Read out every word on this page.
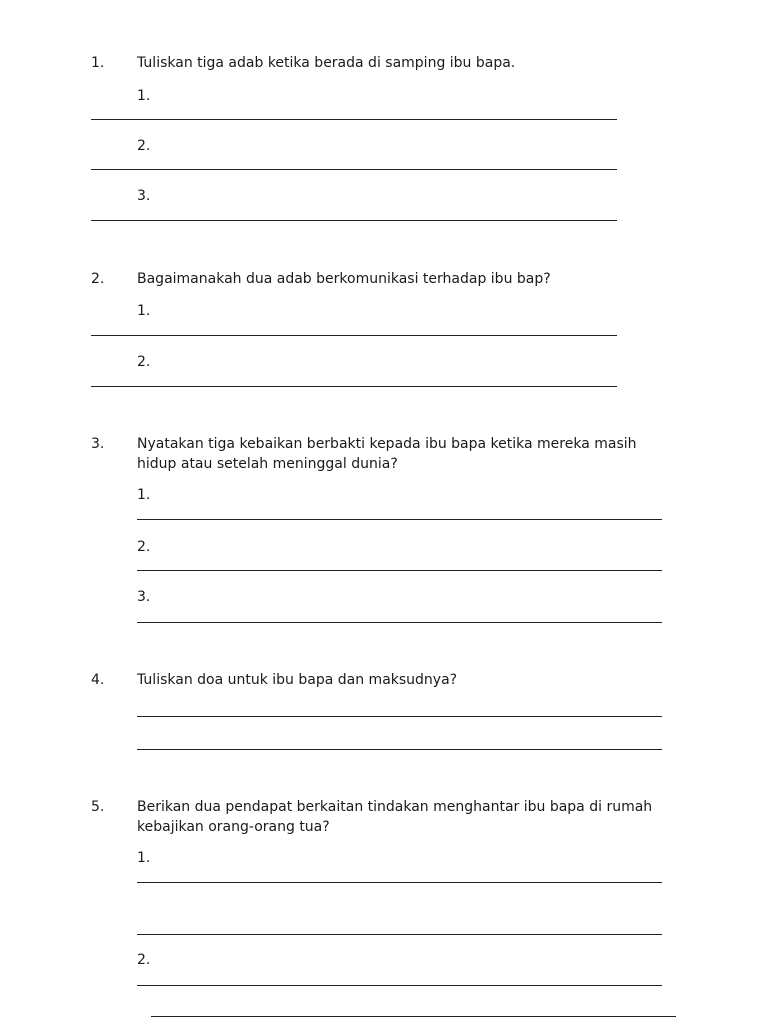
1. Tuliskan tiga adab ketika berada di samping ibu bapa.
1.
2.
3.
2. Bagaimanakah dua adab berkomunikasi terhadap ibu bap?
1.
2.
3. Nyatakan tiga kebaikan berbakti kepada ibu bapa ketika mereka masih
hidup atau setelah meninggal dunia?
1.
2.
3.
4. Tuliskan doa untuk ibu bapa dan maksudnya?
5. Berikan dua pendapat berkaitan tindakan menghantar ibu bapa di rumah
kebajikan orang-orang tua?
1.
2.
